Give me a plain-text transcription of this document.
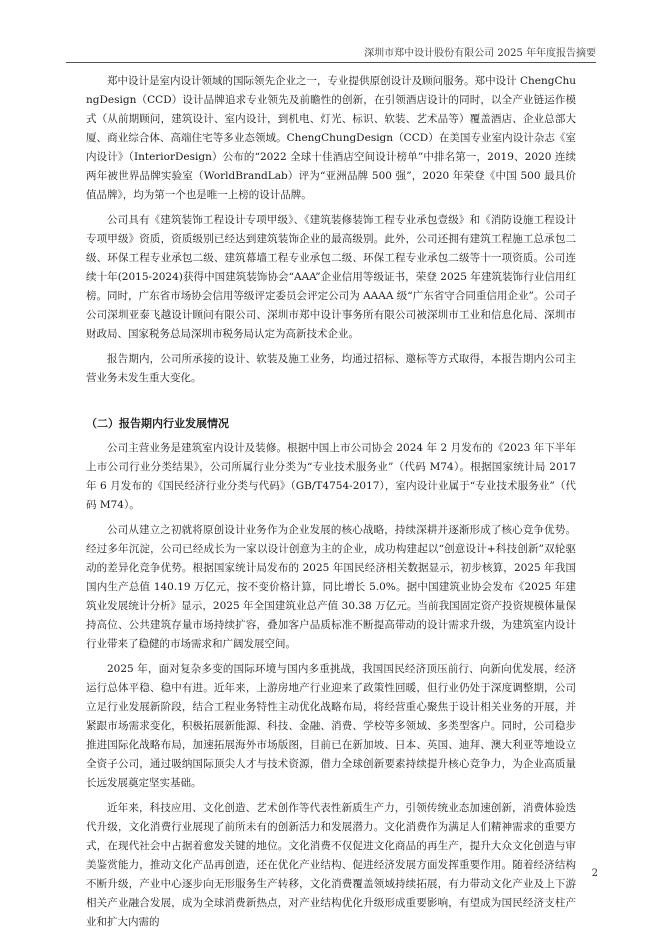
深圳市郑中设计股份有限公司 2025 年年度报告摘要

郑中设计是室内设计领域的国际领先企业之一，专业提供原创设计及顾问服务。郑中设计 ChengChungDesign（CCD）设计品牌追求专业领先及前瞻性的创新，在引领酒店设计的同时，以全产业链运作模式（从前期顾问，建筑设计、室内设计，到机电、灯光、标识、软装、艺术品等）覆盖酒店、企业总部大厦、商业综合体、高端住宅等多业态领域。ChengChungDesign（CCD）在美国专业室内设计杂志《室内设计》（InteriorDesign）公布的“2022 全球十佳酒店空间设计榜单”中排名第一，2019、2020 连续两年被世界品牌实验室（WorldBrandLab）评为“亚洲品牌 500 强”，2020 年荣登《中国 500 最具价值品牌》，均为第一个也是唯一上榜的设计品牌。

公司具有《建筑装饰工程设计专项甲级》、《建筑装修装饰工程专业承包壹级》和《消防设施工程设计专项甲级》资质，资质级别已经达到建筑装饰企业的最高级别。此外，公司还拥有建筑工程施工总承包二级、环保工程专业承包二级、建筑幕墙工程专业承包二级、环保工程专业承包二级等十一项资质。公司连续十年(2015-2024)获得中国建筑装饰协会“AAA”企业信用等级证书，荣登 2025 年建筑装饰行业信用红榜。同时，广东省市场协会信用等级评定委员会评定公司为 AAAA 级“广东省守合同重信用企业”。公司子公司深圳亚泰飞越设计顾问有限公司、深圳市郑中设计事务所有限公司被深圳市工业和信息化局、深圳市财政局、国家税务总局深圳市税务局认定为高新技术企业。

报告期内，公司所承接的设计、软装及施工业务，均通过招标、邀标等方式取得，本报告期内公司主营业务未发生重大变化。

（二）报告期内行业发展情况

公司主营业务是建筑室内设计及装修。根据中国上市公司协会 2024 年 2 月发布的《2023 年下半年上市公司行业分类结果》，公司所属行业分类为“专业技术服务业”（代码 M74）。根据国家统计局 2017 年 6 月发布的《国民经济行业分类与代码》（GB/T4754-2017），室内设计业属于“专业技术服务业”（代码 M74）。

公司从建立之初就将原创设计业务作为企业发展的核心战略，持续深耕并逐渐形成了核心竞争优势。经过多年沉淀，公司已经成长为一家以设计创意为主的企业，成功构建起以“创意设计+科技创新”双轮驱动的差异化竞争优势。根据国家统计局发布的 2025 年国民经济相关数据显示，初步核算，2025 年我国国内生产总值 140.19 万亿元，按不变价格计算，同比增长 5.0%。据中国建筑业协会发布《2025 年建筑业发展统计分析》显示，2025 年全国建筑业总产值 30.38 万亿元。当前我国固定资产投资规模体量保持高位、公共建筑存量市场持续扩容，叠加客户品质标准不断提高带动的设计需求升级，为建筑室内设计行业带来了稳健的市场需求和广阔发展空间。

2025 年，面对复杂多变的国际环境与国内多重挑战，我国国民经济顶压前行、向新向优发展，经济运行总体平稳、稳中有进。近年来，上游房地产行业迎来了政策性回暖，但行业仍处于深度调整期，公司立足行业发展新阶段，结合工程业务特性主动优化战略布局，将经营重心聚焦于设计相关业务的开展，并紧跟市场需求变化，积极拓展新能源、科技、金融、消费、学校等多领域、多类型客户。同时，公司稳步推进国际化战略布局，加速拓展海外市场版图，目前已在新加坡、日本、英国、迪拜、澳大利亚等地设立全资子公司，通过吸纳国际顶尖人才与技术资源，借力全球创新要素持续提升核心竞争力，为企业高质量长远发展奠定坚实基础。

近年来，科技应用、文化创造、艺术创作等代表性新质生产力，引领传统业态加速创新，消费体验迭代升级，文化消费行业展现了前所未有的创新活力和发展潜力。文化消费作为满足人们精神需求的重要方式，在现代社会中占据着愈发关键的地位。文化消费不仅促进文化商品的再生产，提升大众文化创造与审美鉴赏能力，推动文化产品再创造，还在优化产业结构、促进经济发展方面发挥重要作用。随着经济结构不断升级，产业中心逐步向无形服务生产转移，文化消费覆盖领域持续拓展，有力带动文化产业及上下游相关产业融合发展，成为全球消费新热点，对产业结构优化升级形成重要影响，有望成为国民经济支柱产业和扩大内需的

2
